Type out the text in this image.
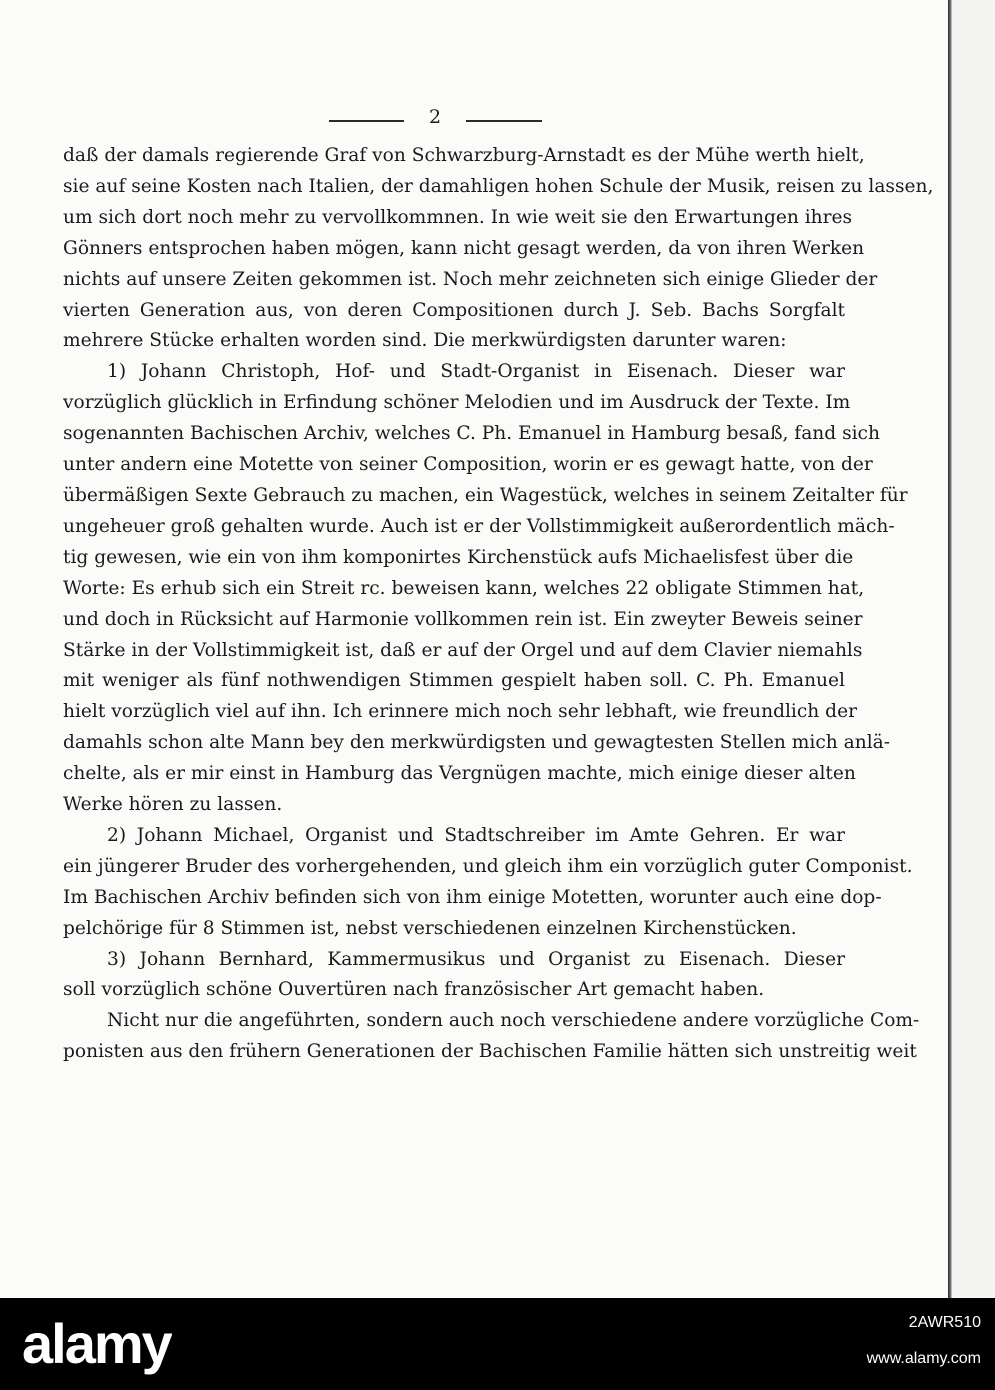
2
daß der damals regierende Graf von Schwarzburg-Arnstadt es der Mühe werth hielt,
sie auf seine Kosten nach Italien, der damahligen hohen Schule der Musik, reisen zu lassen,
um sich dort noch mehr zu vervollkommnen. In wie weit sie den Erwartungen ihres
Gönners entsprochen haben mögen, kann nicht gesagt werden, da von ihren Werken
nichts auf unsere Zeiten gekommen ist. Noch mehr zeichneten sich einige Glieder der
vierten Generation aus, von deren Compositionen durch J. Seb. Bachs Sorgfalt
mehrere Stücke erhalten worden sind. Die merkwürdigsten darunter waren:
1) Johann Christoph, Hof- und Stadt-Organist in Eisenach. Dieser war
vorzüglich glücklich in Erfindung schöner Melodien und im Ausdruck der Texte. Im
sogenannten Bachischen Archiv, welches C. Ph. Emanuel in Hamburg besaß, fand sich
unter andern eine Motette von seiner Composition, worin er es gewagt hatte, von der
übermäßigen Sexte Gebrauch zu machen, ein Wagestück, welches in seinem Zeitalter für
ungeheuer groß gehalten wurde. Auch ist er der Vollstimmigkeit außerordentlich mäch-
tig gewesen, wie ein von ihm komponirtes Kirchenstück aufs Michaelisfest über die
Worte: Es erhub sich ein Streit rc. beweisen kann, welches 22 obligate Stimmen hat,
und doch in Rücksicht auf Harmonie vollkommen rein ist. Ein zweyter Beweis seiner
Stärke in der Vollstimmigkeit ist, daß er auf der Orgel und auf dem Clavier niemahls
mit weniger als fünf nothwendigen Stimmen gespielt haben soll. C. Ph. Emanuel
hielt vorzüglich viel auf ihn. Ich erinnere mich noch sehr lebhaft, wie freundlich der
damahls schon alte Mann bey den merkwürdigsten und gewagtesten Stellen mich anlä-
chelte, als er mir einst in Hamburg das Vergnügen machte, mich einige dieser alten
Werke hören zu lassen.
2) Johann Michael, Organist und Stadtschreiber im Amte Gehren. Er war
ein jüngerer Bruder des vorhergehenden, und gleich ihm ein vorzüglich guter Componist.
Im Bachischen Archiv befinden sich von ihm einige Motetten, worunter auch eine dop-
pelchörige für 8 Stimmen ist, nebst verschiedenen einzelnen Kirchenstücken.
3) Johann Bernhard, Kammermusikus und Organist zu Eisenach. Dieser
soll vorzüglich schöne Ouvertüren nach französischer Art gemacht haben.
Nicht nur die angeführten, sondern auch noch verschiedene andere vorzügliche Com-
ponisten aus den frühern Generationen der Bachischen Familie hätten sich unstreitig weit
alamy	2AWR510
www.alamy.com
